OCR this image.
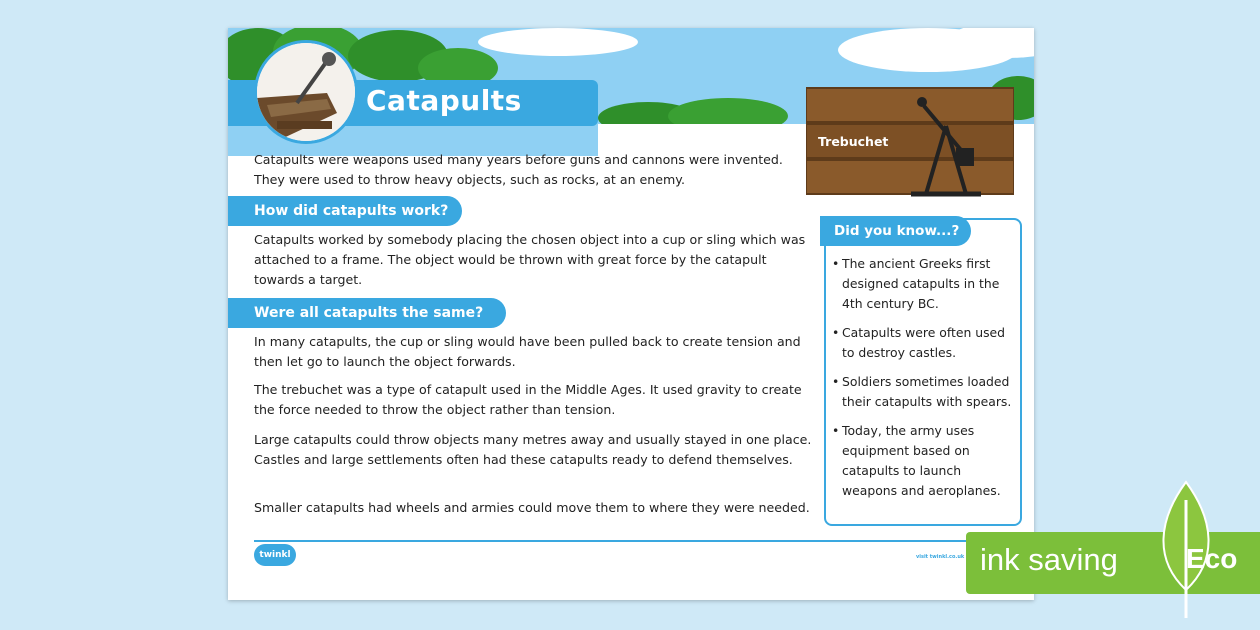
Catapults
Catapults were weapons used many years before guns and cannons were invented. They were used to throw heavy objects, such as rocks, at an enemy.
How did catapults work?
Catapults worked by somebody placing the chosen object into a cup or sling which was attached to a frame. The object would be thrown with great force by the catapult towards a target.
Were all catapults the same?
In many catapults, the cup or sling would have been pulled back to create tension and then let go to launch the object forwards.
The trebuchet was a type of catapult used in the Middle Ages. It used gravity to create the force needed to throw the object rather than tension.
Large catapults could throw objects many metres away and usually stayed in one place. Castles and large settlements often had these catapults ready to defend themselves.
Smaller catapults had wheels and armies could move them to where they were needed.
Trebuchet
Did you know...?
• The ancient Greeks first designed catapults in the 4th century BC.
• Catapults were often used to destroy castles.
• Soldiers sometimes loaded their catapults with spears.
• Today, the army uses equipment based on catapults to launch weapons and aeroplanes.
twinkl	visit twinkl.co.uk ink saving Eco
